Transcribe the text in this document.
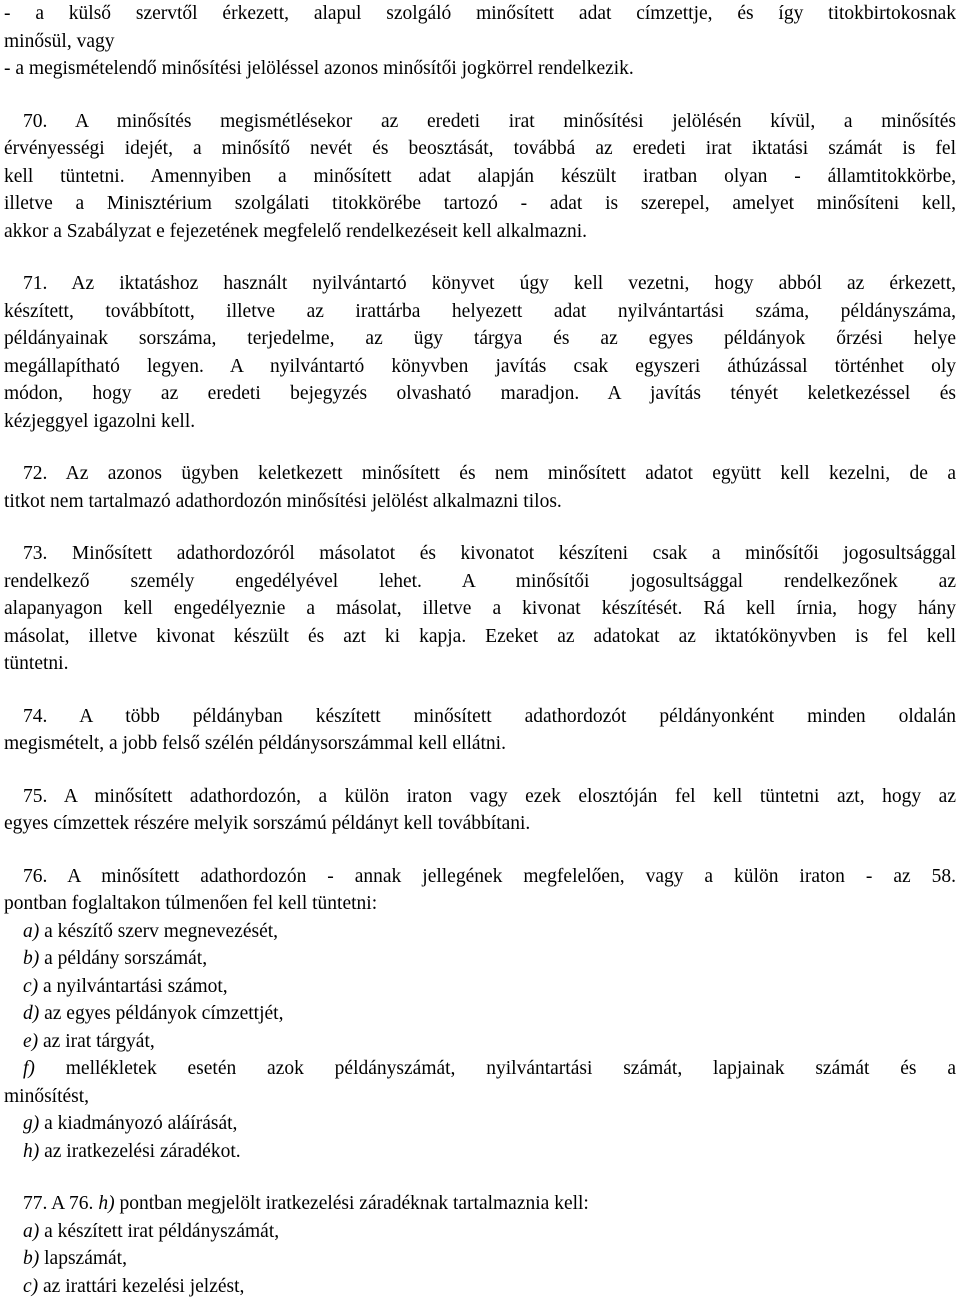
- a külső szervtől érkezett, alapul szolgáló minősített adat címzettje, és így titokbirtokosnak
minősül, vagy
- a megismételendő minősítési jelöléssel azonos minősítői jogkörrel rendelkezik.
70. A minősítés megismétlésekor az eredeti irat minősítési jelölésén kívül, a minősítés
érvényességi idejét, a minősítő nevét és beosztását, továbbá az eredeti irat iktatási számát is fel
kell tüntetni. Amennyiben a minősített adat alapján készült iratban olyan - államtitokkörbe,
illetve a Minisztérium szolgálati titokkörébe tartozó - adat is szerepel, amelyet minősíteni kell,
akkor a Szabályzat e fejezetének megfelelő rendelkezéseit kell alkalmazni.
71. Az iktatáshoz használt nyilvántartó könyvet úgy kell vezetni, hogy abból az érkezett,
készített, továbbított, illetve az irattárba helyezett adat nyilvántartási száma, példányszáma,
példányainak sorszáma, terjedelme, az ügy tárgya és az egyes példányok őrzési helye
megállapítható legyen. A nyilvántartó könyvben javítás csak egyszeri áthúzással történhet oly
módon, hogy az eredeti bejegyzés olvasható maradjon. A javítás tényét keletkezéssel és
kézjeggyel igazolni kell.
72. Az azonos ügyben keletkezett minősített és nem minősített adatot együtt kell kezelni, de a
titkot nem tartalmazó adathordozón minősítési jelölést alkalmazni tilos.
73. Minősített adathordozóról másolatot és kivonatot készíteni csak a minősítői jogosultsággal
rendelkező személy engedélyével lehet. A minősítői jogosultsággal rendelkezőnek az
alapanyagon kell engedélyeznie a másolat, illetve a kivonat készítését. Rá kell írnia, hogy hány
másolat, illetve kivonat készült és azt ki kapja. Ezeket az adatokat az iktatókönyvben is fel kell
tüntetni.
74. A több példányban készített minősített adathordozót példányonként minden oldalán
megismételt, a jobb felső szélén példánysorszámmal kell ellátni.
75. A minősített adathordozón, a külön iraton vagy ezek elosztóján fel kell tüntetni azt, hogy az
egyes címzettek részére melyik sorszámú példányt kell továbbítani.
76. A minősített adathordozón - annak jellegének megfelelően, vagy a külön iraton - az 58.
pontban foglaltakon túlmenően fel kell tüntetni:
a) a készítő szerv megnevezését,
b) a példány sorszámát,
c) a nyilvántartási számot,
d) az egyes példányok címzettjét,
e) az irat tárgyát,
f) mellékletek esetén azok példányszámát, nyilvántartási számát, lapjainak számát és a
minősítést,
g) a kiadmányozó aláírását,
h) az iratkezelési záradékot.
77. A 76. h) pontban megjelölt iratkezelési záradéknak tartalmaznia kell:
a) a készített irat példányszámát,
b) lapszámát,
c) az irattári kezelési jelzést,
